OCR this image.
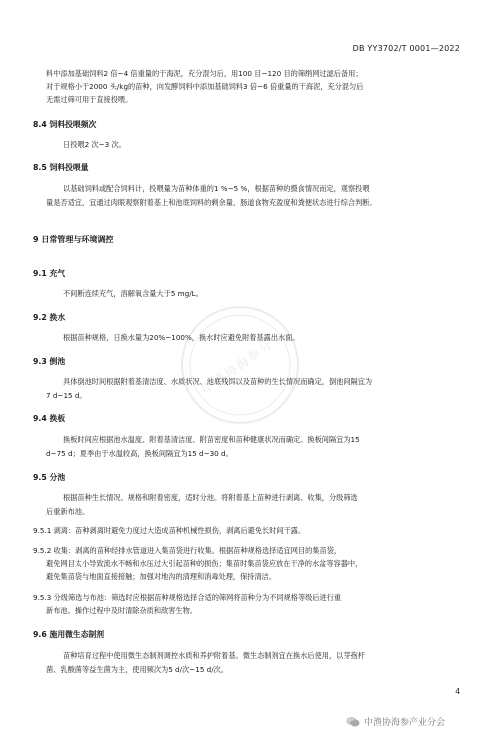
DB YY3702/T 0001—2022
料中添加基础饲料2 倍~4 倍重量的干海泥，充分混匀后，用100 目~120 目的筛绢网过滤后备用；
对于规格小于2000 头/kg的苗种，向发酵饲料中添加基础饲料3 倍~6 倍重量的干海泥，充分混匀后
无需过筛可用于直接投喂。
8.4 饲料投喂频次
日投喂2 次~3 次。
8.5 饲料投喂量
以基础饲料或配合饲料计，投喂量为苗种体重的1 %~5 %，根据苗种的摄食情况而定，观察投喂
量是否适宜，宜通过肉眼观察附着基上和池底饲料的剩余量、肠道食物充盈度和粪便状态进行综合判断。
9 日常管理与环境调控
9.1 充气
不间断连续充气，溶解氧含量大于5 mg/L。
9.2 换水
根据苗种规格，日换水量为20%~100%，换水时应避免附着基露出水面。
9.3 倒池
具体倒池时间根据附着基清洁度、水质状况、池底残饵以及苗种的生长情况而确定，倒池间隔宜为
7 d~15 d。
9.4 换板
换板时间应根据池水温度、附着基清洁度、附苗密度和苗种健康状况而确定。换板间隔宜为15
d~75 d；夏季由于水温较高，换板间隔宜为15 d~30 d。
9.5 分池
根据苗种生长情况、规格和附着密度，适时分池。将附着基上苗种进行剥离、收集，分级筛选
后重新布池。
9.5.1 剥离：苗种剥离时避免力度过大造成苗种机械性损伤，剥离后避免长时间干露。
9.5.2 收集：剥离的苗种经排水管道进入集苗袋进行收集。根据苗种规格选择适宜网目的集苗袋，
避免网目太小导致流水不畅和水压过大引起苗种的损伤；集苗时集苗袋应放在干净的水盆等容器中，
避免集苗袋与地面直接接触；加强对地沟的清理和消毒处理，保持清洁。
9.5.3 分级筛选与布池：筛选时应根据苗种规格选择合适的筛网将苗种分为不同规格等级后进行重
新布池。操作过程中及时清除杂质和敌害生物。
9.6 施用微生态制剂
苗种培育过程中使用微生态制剂调控水质和养护附着基。微生态制剂宜在换水后使用，以芽孢杆
菌、乳酸菌等益生菌为主，使用频次为5 d/次~15 d/次。
4
中渔协海参分
中渔协海参产业分会
